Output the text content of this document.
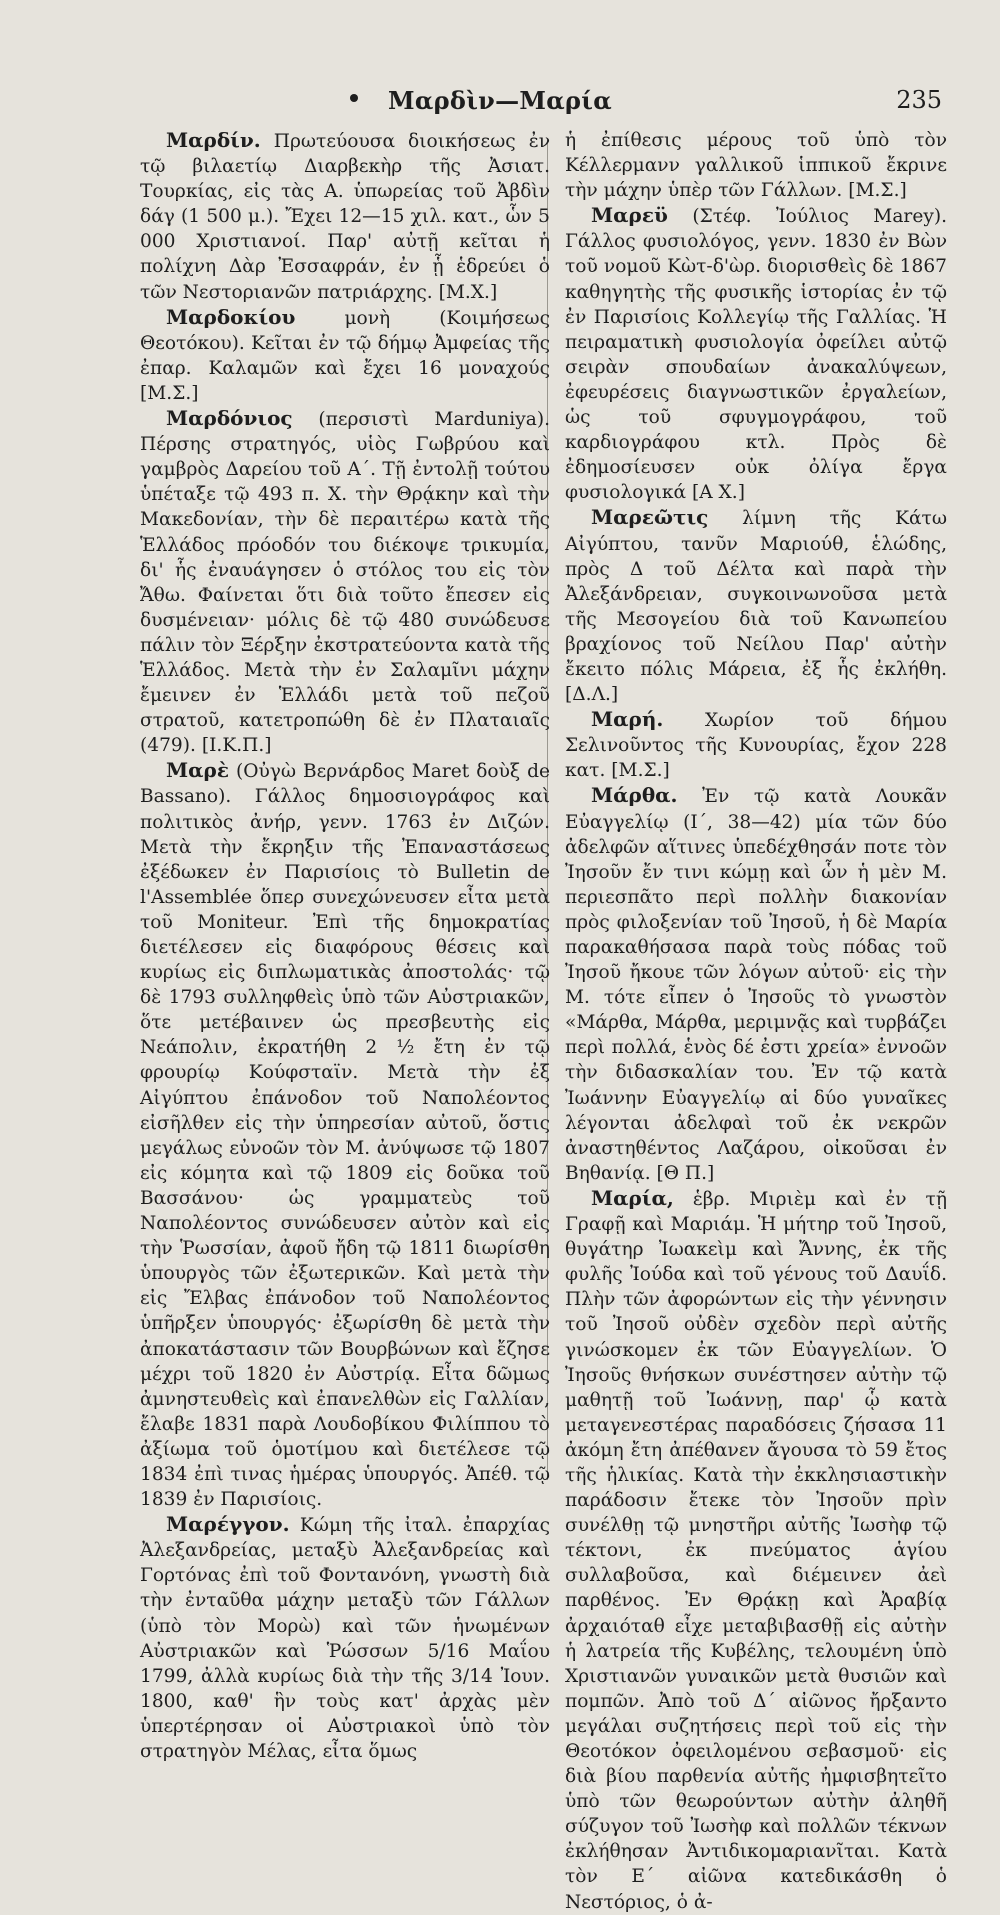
Μαρδὶν—Μαρία	235

Μαρδίν. Πρωτεύουσα διοικήσεως ἐν τῷ βιλαετίῳ Διαρβεκὴρ τῆς Ἀσιατ. Τουρκίας, εἰς τὰς Α. ὑπωρείας τοῦ Ἀβδὶν δάγ (1 500 μ.). Ἔχει 12—15 χιλ. κατ., ὧν 5 000 Χριστιανοί. Παρ' αὐτῇ κεῖται ἡ πολίχνη Δὰρ Ἐσσαφράν, ἐν ᾗ ἑδρεύει ὁ τῶν Νεστοριανῶν πατριάρχης. [Μ.Χ.]

Μαρδοκίου	μονὴ (Κοιμήσεως Θεοτόκου). Κεῖται ἐν τῷ δήμῳ Ἀμφείας τῆς ἐπαρ. Καλαμῶν καὶ ἔχει 16 μοναχούς [Μ.Σ.]

Μαρδόνιος (περσιστὶ Marduniya). Πέρσης στρατηγός, υἱὸς Γωβρύου καὶ γαμβρὸς Δαρείου τοῦ Α΄. Τῇ ἐντολῇ τούτου ὑπέταξε τῷ 493 π. Χ. τὴν Θρᾴκην καὶ τὴν Μακεδονίαν, τὴν δὲ περαιτέρω κατὰ τῆς Ἑλλάδος πρόοδόν του διέκοψε τρικυμία, δι' ἧς ἐναυάγησεν ὁ στόλος του εἰς τὸν Ἄθω. Φαίνεται ὅτι διὰ τοῦτο ἔπεσεν εἰς δυσμένειαν· μόλις δὲ τῷ 480 συνώδευσε πάλιν τὸν Ξέρξην ἐκστρατεύοντα κατὰ τῆς Ἑλλάδος. Μετὰ τὴν ἐν Σαλαμῖνι μάχην ἔμεινεν ἐν Ἑλλάδι μετὰ τοῦ πεζοῦ στρατοῦ, κατετροπώθη δὲ ἐν Πλαταιαῖς (479). [Ι.Κ.Π.]

Μαρὲ (Οὐγὼ Βερνάρδος Maret δοὺξ de Bassano). Γάλλος δημοσιογράφος καὶ πολιτικὸς ἀνήρ, γενν. 1763 ἐν Διζών. Μετὰ τὴν ἔκρηξιν τῆς Ἐπαναστάσεως ἐξέδωκεν ἐν Παρισίοις τὸ Bulletin de l'Assemblée ὅπερ συνεχώνευσεν εἶτα μετὰ τοῦ Moniteur. Ἐπὶ τῆς δημοκρατίας διετέλεσεν εἰς διαφόρους θέσεις καὶ κυρίως εἰς διπλωματικὰς ἀποστολάς· τῷ δὲ 1793 συλληφθεὶς ὑπὸ τῶν Αὐστριακῶν, ὅτε μετέβαινεν ὡς πρεσβευτὴς εἰς Νεάπολιν, ἐκρατήθη 2 ½ ἔτη ἐν τῷ φρουρίῳ Κούφσταϊν. Μετὰ τὴν ἐξ Αἰγύπτου ἐπάνοδον τοῦ Ναπολέοντος εἰσῆλθεν εἰς τὴν ὑπηρεσίαν αὐτοῦ, ὅστις μεγάλως εὐνοῶν τὸν Μ. ἀνύψωσε τῷ 1807 εἰς κόμητα καὶ τῷ 1809 εἰς δοῦκα τοῦ Βασσάνου· ὡς γραμματεὺς τοῦ Ναπολέοντος συνώδευσεν αὐτὸν καὶ εἰς τὴν Ῥωσσίαν, ἀφοῦ ἤδη τῷ 1811 διωρίσθη ὑπουργὸς τῶν ἐξωτερικῶν. Καὶ μετὰ τὴν εἰς Ἔλβας ἐπάνοδον τοῦ Ναπολέοντος ὑπῆρξεν ὑπουργός· ἐξωρίσθη δὲ μετὰ τὴν ἀποκατάστασιν τῶν Βουρβώνων καὶ ἔζησε μέχρι τοῦ 1820 ἐν Αὐστρίᾳ. Εἶτα δῶμως ἀμνηστευθεὶς καὶ ἐπανελθὼν εἰς Γαλλίαν, ἔλαβε 1831 παρὰ Λουδοβίκου Φιλίππου τὸ ἀξίωμα τοῦ ὁμοτίμου καὶ διετέλεσε τῷ 1834 ἐπὶ τινας ἡμέρας ὑπουργός. Ἀπέθ. τῷ 1839 ἐν Παρισίοις.

Μαρέγγον. Κώμη τῆς ἰταλ. ἐπαρχίας Ἀλεξανδρείας, μεταξὺ Ἀλεξανδρείας καὶ Γορτόνας ἐπὶ τοῦ Φοντανόνη, γνωστὴ διὰ τὴν ἐνταῦθα μάχην μεταξὺ τῶν Γάλλων (ὑπὸ τὸν Μορὼ) καὶ τῶν ἡνωμένων Αὐστριακῶν καὶ Ῥώσσων 5/16 Μαΐου 1799, ἀλλὰ κυρίως διὰ τὴν τῆς 3/14 Ἰουν. 1800, καθ' ἣν τοὺς κατ' ἀρχὰς μὲν ὑπερτέρησαν οἱ Αὐστριακοὶ ὑπὸ τὸν στρατηγὸν Μέλας, εἶτα ὅμως

ἡ ἐπίθεσις μέρους τοῦ ὑπὸ τὸν Κέλλερμανν γαλλικοῦ ἱππικοῦ ἔκρινε τὴν μάχην ὑπὲρ τῶν Γάλλων. [Μ.Σ.]

Μαρεϋ (Στέφ. Ἰούλιος Marey). Γάλλος φυσιολόγος, γενν. 1830 ἐν Βὼν τοῦ νομοῦ Κὼτ-δ'ὼρ. διορισθεὶς δὲ 1867 καθηγητὴς τῆς φυσικῆς ἱστορίας ἐν τῷ ἐν Παρισίοις Κολλεγίῳ τῆς Γαλλίας. Ἡ πειραματικὴ φυσιολογία ὀφείλει αὐτῷ σειρὰν σπουδαίων ἀνακαλύψεων, ἐφευρέσεις διαγνωστικῶν ἐργαλείων, ὡς τοῦ σφυγμογράφου, τοῦ καρδιογράφου κτλ. Πρὸς δὲ ἐδημοσίευσεν οὐκ ὀλίγα ἔργα φυσιολογικά [Α Χ.]

Μαρεῶτις λίμνη τῆς Κάτω Αἰγύπτου, τανῦν Μαριούθ, ἑλώδης, πρὸς Δ τοῦ Δέλτα καὶ παρὰ τὴν Ἀλεξάνδρειαν, συγκοινωνοῦσα μετὰ τῆς Μεσογείου διὰ τοῦ Κανωπείου βραχίονος τοῦ Νείλου Παρ' αὐτὴν ἔκειτο πόλις Μάρεια, ἐξ ἧς ἐκλήθη. [Δ.Λ.]

Μαρή. Χωρίον τοῦ δήμου Σελινοῦντος τῆς Κυνουρίας, ἔχον 228 κατ. [Μ.Σ.]

Μάρθα. Ἐν τῷ κατὰ Λουκᾶν Εὐαγγελίῳ (Ι΄, 38—42) μία τῶν δύο ἀδελφῶν αἵτινες ὑπεδέχθησάν ποτε τὸν Ἰησοῦν ἔν τινι κώμῃ καὶ ὧν ἡ μὲν Μ. περιεσπᾶτο περὶ πολλὴν διακονίαν πρὸς φιλοξενίαν τοῦ Ἰησοῦ, ἡ δὲ Μαρία παρακαθήσασα παρὰ τοὺς πόδας τοῦ Ἰησοῦ ἤκουε τῶν λόγων αὐτοῦ· εἰς τὴν Μ. τότε εἶπεν ὁ Ἰησοῦς τὸ γνωστὸν «Μάρθα, Μάρθα, μεριμνᾷς καὶ τυρβάζει περὶ πολλά, ἑνὸς δέ ἐστι χρεία» ἐννοῶν τὴν διδασκαλίαν του. Ἐν τῷ κατὰ Ἰωάννην Εὐαγγελίῳ αἱ δύο γυναῖκες λέγονται ἀδελφαὶ τοῦ ἐκ νεκρῶν ἀναστηθέντος Λαζάρου, οἰκοῦσαι ἐν Βηθανίᾳ. [Θ Π.]

Μαρία, ἑβρ. Μιριὲμ καὶ ἐν τῇ Γραφῇ καὶ Μαριάμ. Ἡ μήτηρ τοῦ Ἰησοῦ, θυγάτηρ Ἰωακεὶμ καὶ Ἄννης, ἐκ τῆς φυλῆς Ἰούδα καὶ τοῦ γένους τοῦ Δαυΐδ. Πλὴν τῶν ἀφορώντων εἰς τὴν γέννησιν τοῦ Ἰησοῦ οὐδὲν σχεδὸν περὶ αὐτῆς γινώσκομεν ἐκ τῶν Εὐαγγελίων. Ὁ Ἰησοῦς θνήσκων συνέστησεν αὐτὴν τῷ μαθητῇ τοῦ Ἰωάννῃ, παρ' ᾧ κατὰ μεταγενεστέρας παραδόσεις ζήσασα 11 ἀκόμη ἔτη ἀπέθανεν ἄγουσα τὸ 59 ἔτος τῆς ἡλικίας. Κατὰ τὴν ἐκκλησιαστικὴν παράδοσιν ἔτεκε τὸν Ἰησοῦν πρὶν συνέλθῃ τῷ μνηστῆρι αὐτῆς Ἰωσὴφ τῷ τέκτονι, ἐκ πνεύματος ἁγίου συλλαβοῦσα, καὶ διέμεινεν ἀεὶ παρθένος. Ἐν Θρᾴκῃ καὶ Ἀραβίᾳ ἀρχαιόταθ εἶχε μεταβιβασθῇ εἰς αὐτὴν ἡ λατρεία τῆς Κυβέλης, τελουμένη ὑπὸ Χριστιανῶν γυναικῶν μετὰ θυσιῶν καὶ πομπῶν. Ἀπὸ τοῦ Δ΄ αἰῶνος ἤρξαντο μεγάλαι συζητήσεις περὶ τοῦ εἰς τὴν Θεοτόκον ὀφειλομένου σεβασμοῦ· εἰς διὰ βίου παρθενία αὐτῆς ἠμφισβητεῖτο ὑπὸ τῶν θεωρούντων αὐτὴν ἀληθῆ σύζυγον τοῦ Ἰωσὴφ καὶ πολλῶν τέκνων ἐκλήθησαν Ἀντιδικομαριανῖται. Κατὰ τὸν Ε΄ αἰῶνα κατεδικάσθη ὁ Νεστόριος, ὁ ἀ-
